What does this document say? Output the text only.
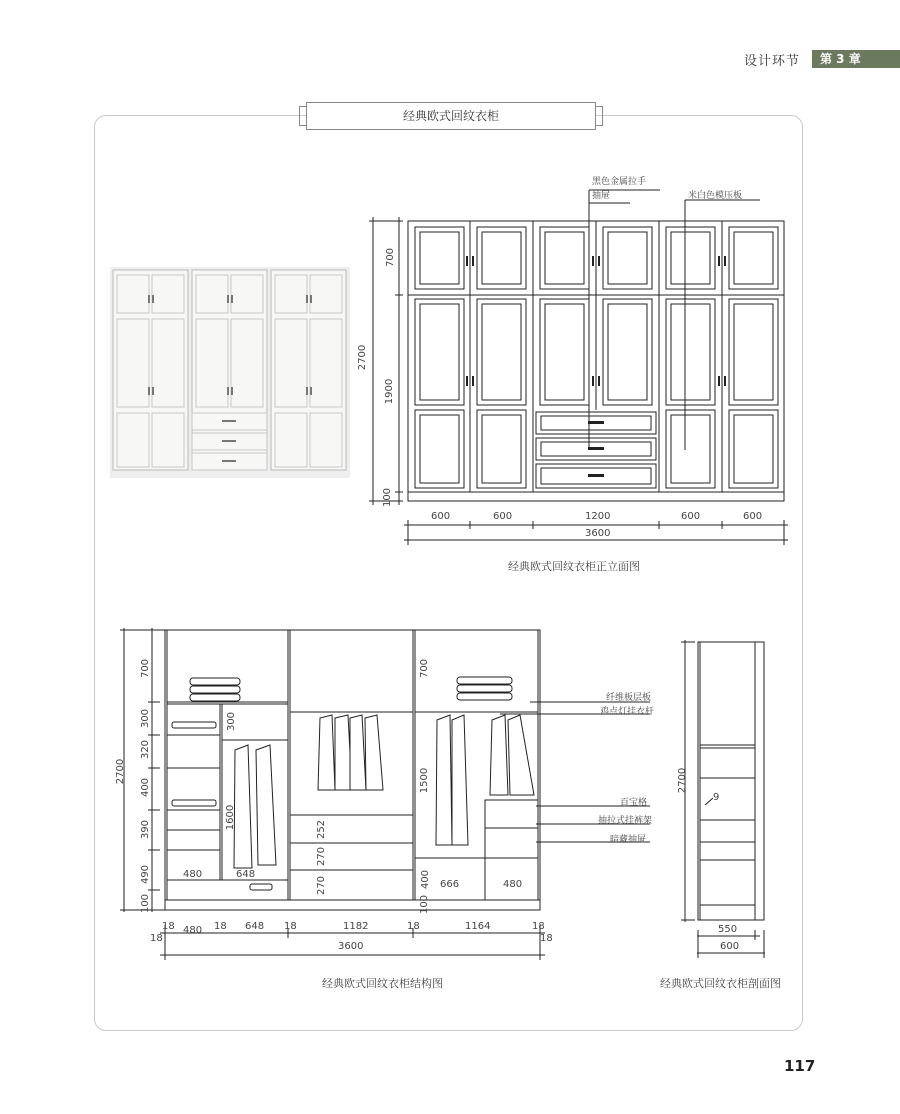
设计环节	第 3 章
经典欧式回纹衣柜
黑色金属拉手
抽屉	米白色模压板
2700
700
1900
100
600	600	1200	600	600
3600
经典欧式回纹衣柜正立面图
纤维板层板
鸡点灯挂衣杆
百宝格
抽拉式挂裤架
暗藏抽屉
2700
700
300
320
400
390
490
100
300
1600	252
270
270
700
1500
400
100
480	648
666	480
18 480 18 648 18	1182	18	1164	18
18	18
3600
经典欧式回纹衣柜结构图
2700
9
550
600
经典欧式回纹衣柜剖面图
117
